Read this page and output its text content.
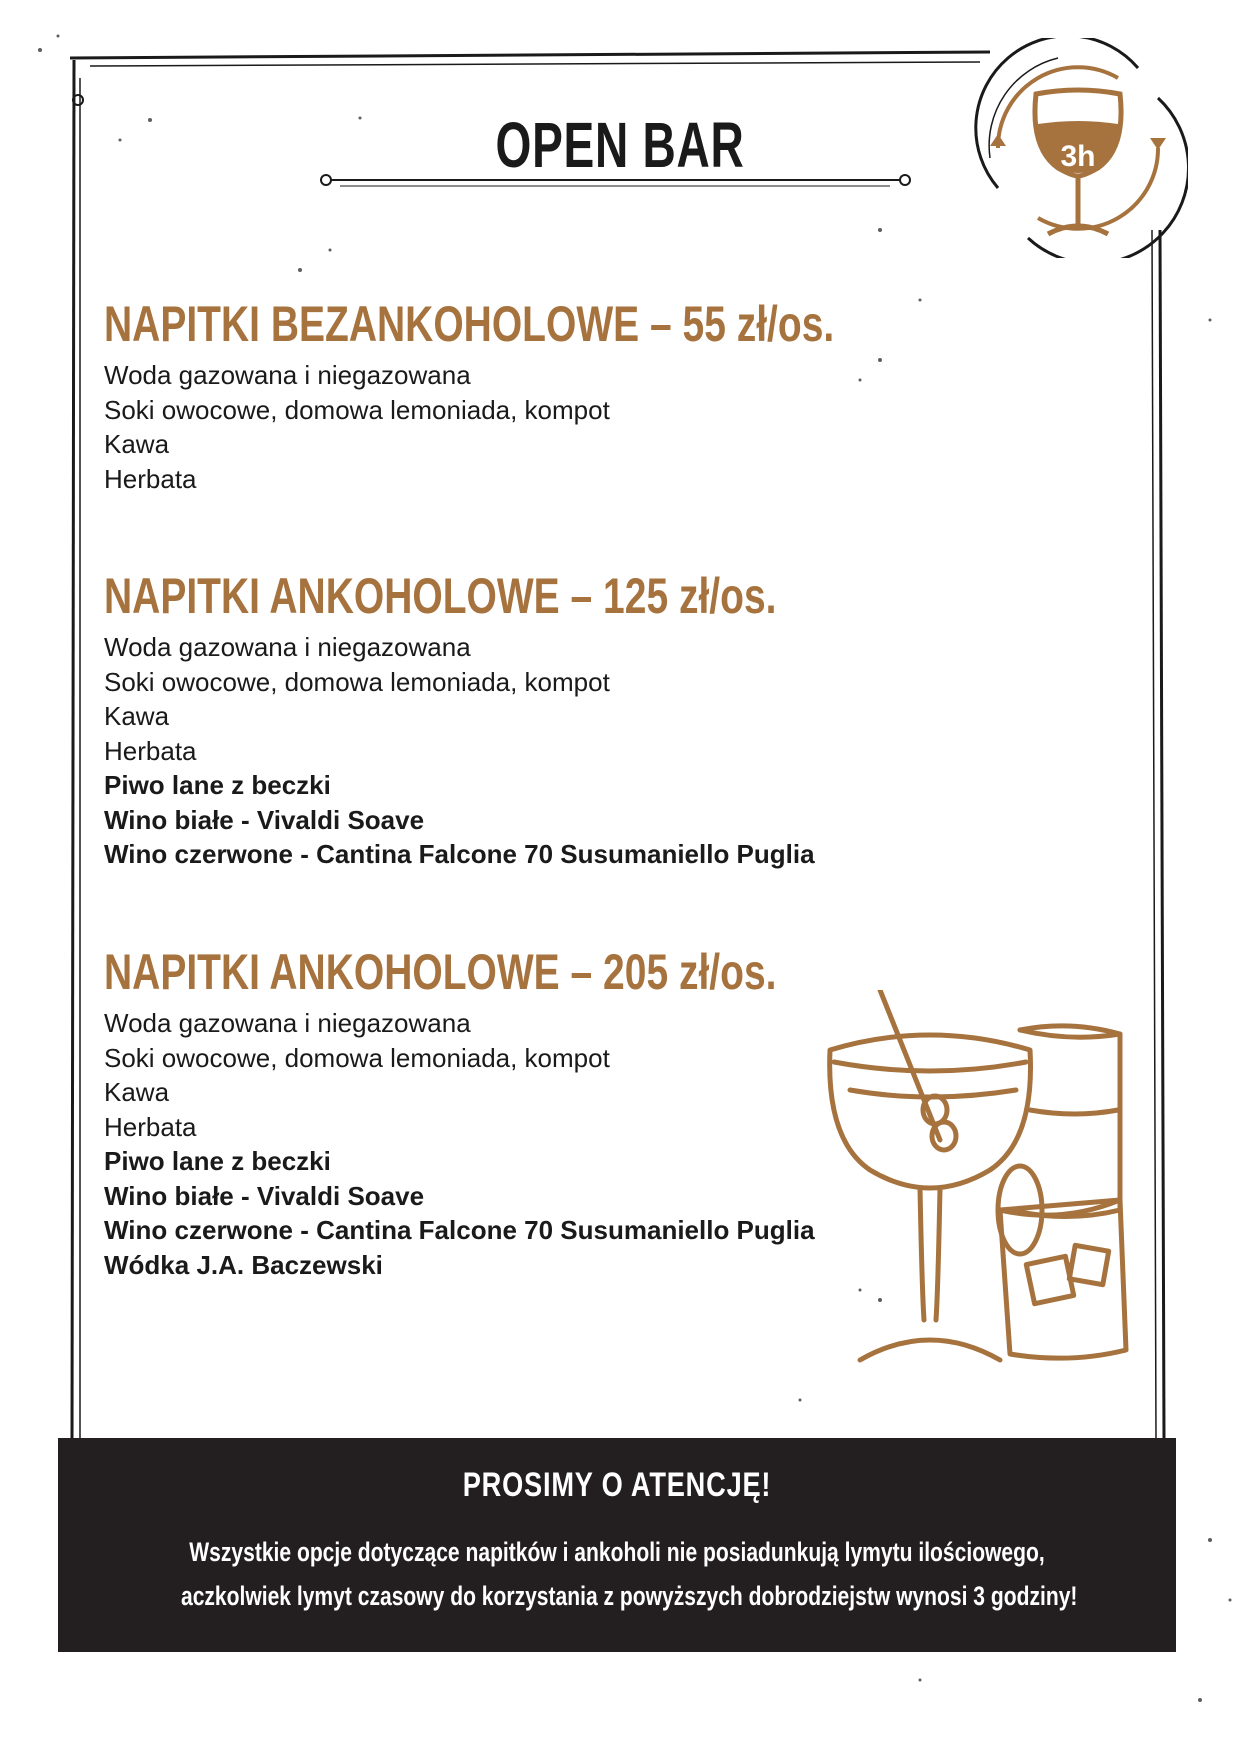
OPEN BAR	3h
NAPITKI BEZANKOHOLOWE – 55 zł/os.
Woda gazowana i niegazowana
Soki owocowe, domowa lemoniada, kompot
Kawa
Herbata
NAPITKI ANKOHOLOWE – 125 zł/os.
Woda gazowana i niegazowana
Soki owocowe, domowa lemoniada, kompot
Kawa
Herbata
Piwo lane z beczki
Wino białe - Vivaldi Soave
Wino czerwone - Cantina Falcone 70 Susumaniello Puglia
NAPITKI ANKOHOLOWE – 205 zł/os.
Woda gazowana i niegazowana
Soki owocowe, domowa lemoniada, kompot
Kawa
Herbata
Piwo lane z beczki
Wino białe - Vivaldi Soave
Wino czerwone - Cantina Falcone 70 Susumaniello Puglia
Wódka J.A. Baczewski
PROSIMY O ATENCJĘ!
Wszystkie opcje dotyczące napitków i ankoholi nie posiadunkują lymytu ilościowego,
aczkolwiek lymyt czasowy do korzystania z powyższych dobrodziejstw wynosi 3 godziny!
